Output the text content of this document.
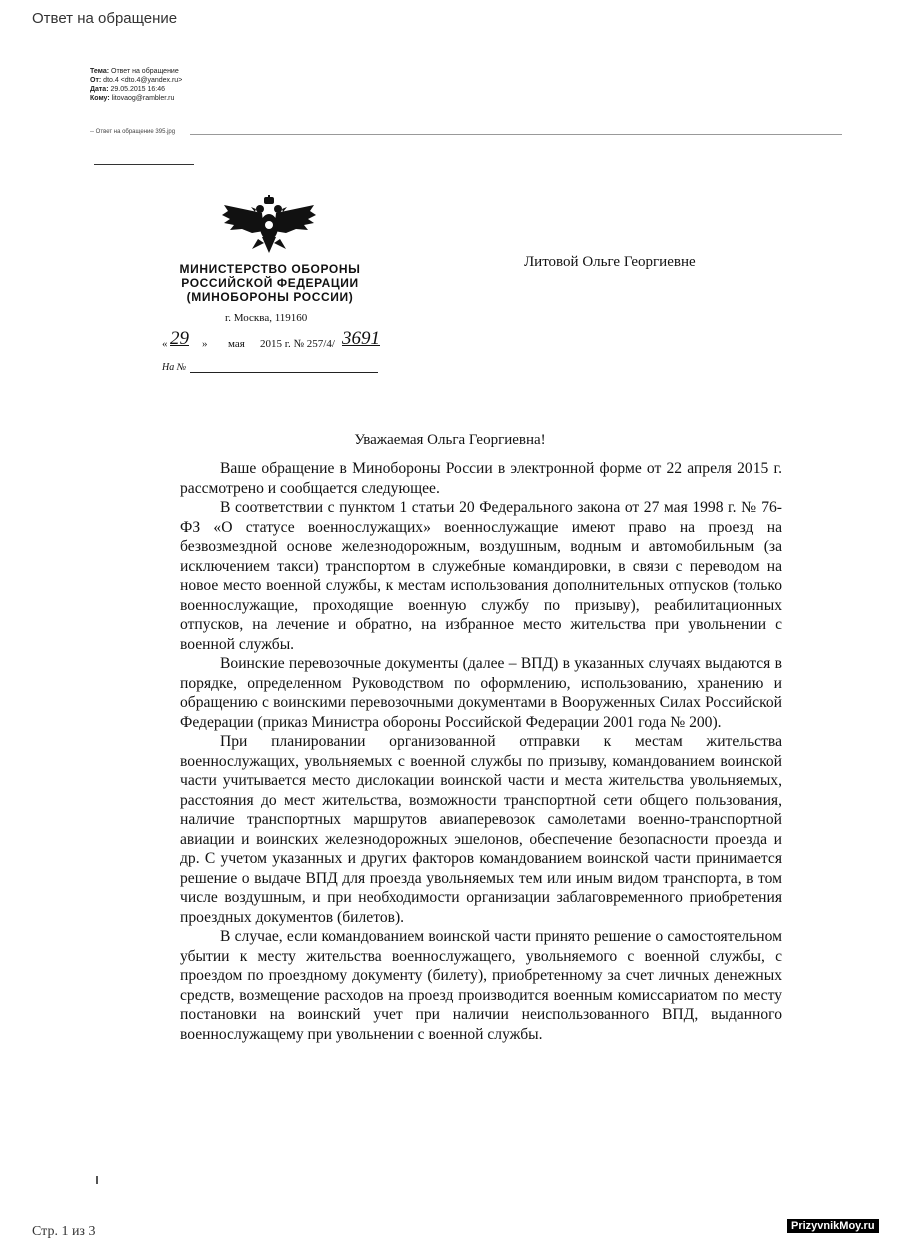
Ответ на обращение
Тема: Ответ на обращение
От: dto.4 <dto.4@yandex.ru>
Дата: 29.05.2015 16:46
Кому: litovaog@rambler.ru
-- Ответ на обращение 395.jpg
МИНИСТЕРСТВО ОБОРОНЫ
РОССИЙСКОЙ ФЕДЕРАЦИИ
(МИНОБОРОНЫ РОССИИ)
г. Москва, 119160
« 29 » мая 2015 г. № 257/4/ 3691
На №
Литовой Ольге Георгиевне
Уважаемая Ольга Георгиевна!

Ваше обращение в Минобороны России в электронной форме от 22 апреля 2015 г. рассмотрено и сообщается следующее.

В соответствии с пунктом 1 статьи 20 Федерального закона от 27 мая 1998 г. № 76-ФЗ «О статусе военнослужащих» военнослужащие имеют право на проезд на безвозмездной основе железнодорожным, воздушным, водным и автомобильным (за исключением такси) транспортом в служебные командировки, в связи с переводом на новое место военной службы, к местам использования дополнительных отпусков (только военнослужащие, проходящие военную службу по призыву), реабилитационных отпусков, на лечение и обратно, на избранное место жительства при увольнении с военной службы.

Воинские перевозочные документы (далее – ВПД) в указанных случаях выдаются в порядке, определенном Руководством по оформлению, использованию, хранению и обращению с воинскими перевозочными документами в Вооруженных Силах Российской Федерации (приказ Министра обороны Российской Федерации 2001 года № 200).

При планировании организованной отправки к местам жительства военнослужащих, увольняемых с военной службы по призыву, командованием воинской части учитывается место дислокации воинской части и места жительства увольняемых, расстояния до мест жительства, возможности транспортной сети общего пользования, наличие транспортных маршрутов авиаперевозок самолетами военно-транспортной авиации и воинских железнодорожных эшелонов, обеспечение безопасности проезда и др. С учетом указанных и других факторов командованием воинской части принимается решение о выдаче ВПД для проезда увольняемых тем или иным видом транспорта, в том числе воздушным, и при необходимости организации заблаговременного приобретения проездных документов (билетов).

В случае, если командованием воинской части принято решение о самостоятельном убытии к месту жительства военнослужащего, увольняемого с военной службы, с проездом по проездному документу (билету), приобретенному за счет личных денежных средств, возмещение расходов на проезд производится военным комиссариатом по месту постановки на воинский учет при наличии неиспользованного ВПД, выданного военнослужащему при увольнении с военной службы.

Стр. 1 из 3	PrizyvnikMoy.ru
